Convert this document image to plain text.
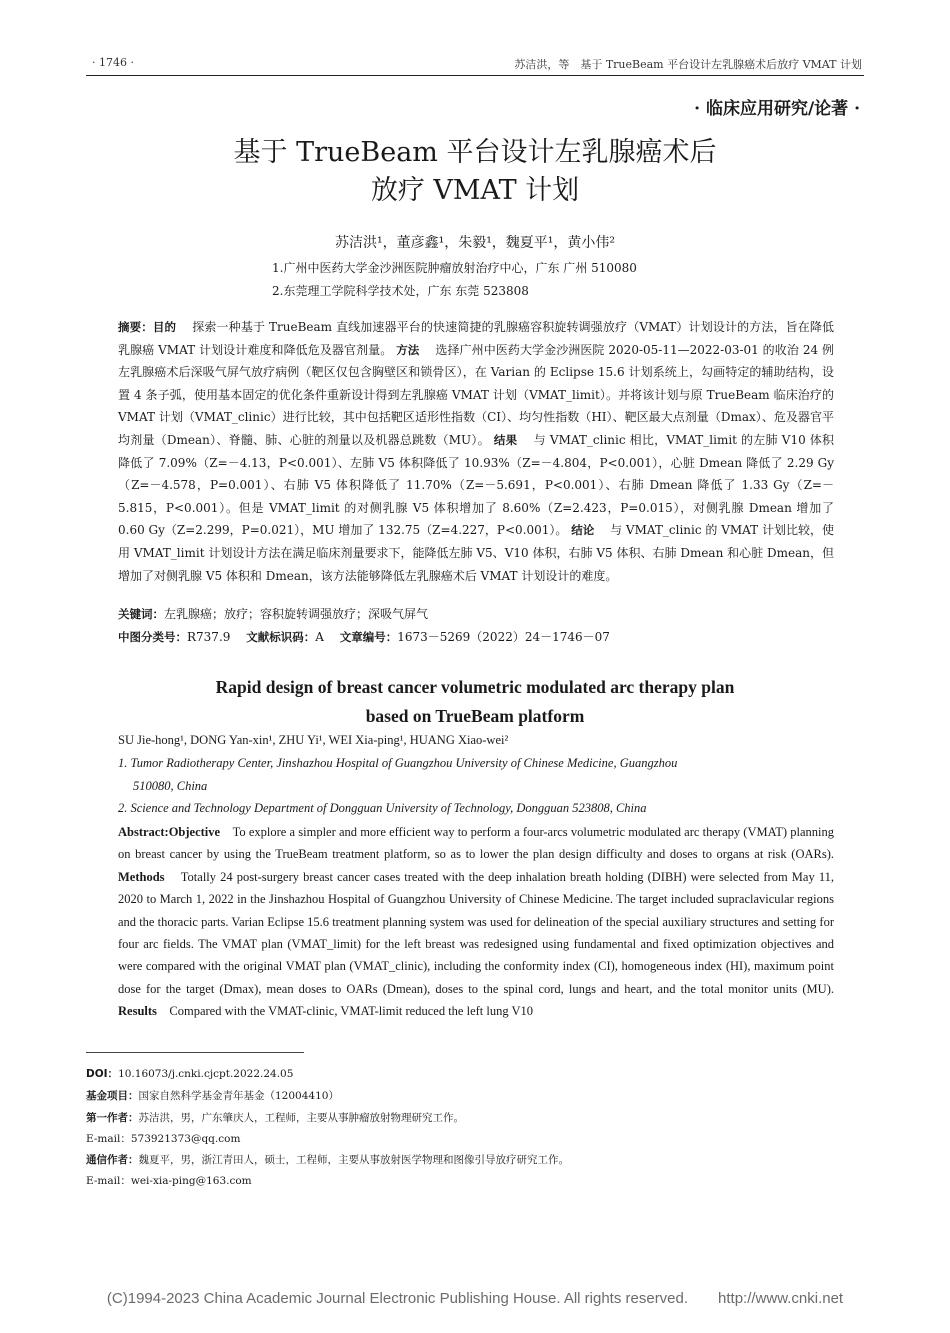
· 1746 ·	苏洁洪，等　基于 TrueBeam 平台设计左乳腺癌术后放疗 VMAT 计划
· 临床应用研究/论著 ·
基于 TrueBeam 平台设计左乳腺癌术后
放疗 VMAT 计划
苏洁洪¹，董彦鑫¹，朱毅¹，魏夏平¹，黄小伟²
1.广州中医药大学金沙洲医院肿瘤放射治疗中心，广东 广州 510080
2.东莞理工学院科学技术处，广东 东莞 523808
摘要：目的　 探索一种基于 TrueBeam 直线加速器平台的快速简捷的乳腺癌容积旋转调强放疗（VMAT）计划设计的方法，旨在降低乳腺癌 VMAT 计划设计难度和降低危及器官剂量。 方法　 选择广州中医药大学金沙洲医院 2020-05-11—2022-03-01 的收治 24 例左乳腺癌术后深吸气屏气放疗病例（靶区仅包含胸壁区和锁骨区），在 Varian 的 Eclipse 15.6 计划系统上，勾画特定的辅助结构，设置 4 条子弧，使用基本固定的优化条件重新设计得到左乳腺癌 VMAT 计划（VMAT_limit）。并将该计划与原 TrueBeam 临床治疗的 VMAT 计划（VMAT_clinic）进行比较，其中包括靶区适形性指数（CI）、均匀性指数（HI）、靶区最大点剂量（Dmax）、危及器官平均剂量（Dmean）、脊髓、肺、心脏的剂量以及机器总跳数（MU）。 结果　 与 VMAT_clinic 相比，VMAT_limit 的左肺 V10 体积降低了 7.09%（Z=－4.13，P<0.001）、左肺 V5 体积降低了 10.93%（Z=－4.804，P<0.001），心脏 Dmean 降低了 2.29 Gy（Z=－4.578，P=0.001）、右肺 V5 体积降低了 11.70%（Z=－5.691，P<0.001）、右肺 Dmean 降低了 1.33 Gy（Z=－5.815，P<0.001）。但是 VMAT_limit 的对侧乳腺 V5 体积增加了 8.60%（Z=2.423，P=0.015），对侧乳腺 Dmean 增加了 0.60 Gy（Z=2.299，P=0.021），MU 增加了 132.75（Z=4.227，P<0.001）。 结论　 与 VMAT_clinic 的 VMAT 计划比较，使用 VMAT_limit 计划设计方法在满足临床剂量要求下，能降低左肺 V5、V10 体积，右肺 V5 体积、右肺 Dmean 和心脏 Dmean，但增加了对侧乳腺 V5 体积和 Dmean，该方法能够降低左乳腺癌术后 VMAT 计划设计的难度。
关键词：左乳腺癌；放疗；容积旋转调强放疗；深吸气屏气
中图分类号：R737.9　 文献标识码：A　 文章编号：1673－5269（2022）24－1746－07
Rapid design of breast cancer volumetric modulated arc therapy plan
based on TrueBeam platform
SU Jie-hong¹, DONG Yan-xin¹, ZHU Yi¹, WEI Xia-ping¹, HUANG Xiao-wei²
1. Tumor Radiotherapy Center, Jinshazhou Hospital of Guangzhou University of Chinese Medicine, Guangzhou
510080, China
2. Science and Technology Department of Dongguan University of Technology, Dongguan 523808, China
Abstract:Objective To explore a simpler and more efficient way to perform a four-arcs volumetric modulated arc therapy (VMAT) planning on breast cancer by using the TrueBeam treatment platform, so as to lower the plan design difficulty and doses to organs at risk (OARs). Methods Totally 24 post-surgery breast cancer cases treated with the deep inhalation breath holding (DIBH) were selected from May 11, 2020 to March 1, 2022 in the Jinshazhou Hospital of Guangzhou University of Chinese Medicine. The target included supraclavicular regions and the thoracic parts. Varian Eclipse 15.6 treatment planning system was used for delineation of the special auxiliary structures and setting for four arc fields. The VMAT plan (VMAT_limit) for the left breast was redesigned using fundamental and fixed optimization objectives and were compared with the original VMAT plan (VMAT_clinic), including the conformity index (CI), homogeneous index (HI), maximum point dose for the target (Dmax), mean doses to OARs (Dmean), doses to the spinal cord, lungs and heart, and the total monitor units (MU). Results Compared with the VMAT-clinic, VMAT-limit reduced the left lung V10
DOI：10.16073/j.cnki.cjcpt.2022.24.05
基金项目：国家自然科学基金青年基金（12004410）
第一作者：苏洁洪，男，广东肇庆人，工程师，主要从事肿瘤放射物理研究工作。
E-mail：573921373@qq.com
通信作者：魏夏平，男，浙江青田人，硕士，工程师，主要从事放射医学物理和图像引导放疗研究工作。
E-mail：wei-xia-ping@163.com
(C)1994-2023 China Academic Journal Electronic Publishing House. All rights reserved.　　http://www.cnki.net
